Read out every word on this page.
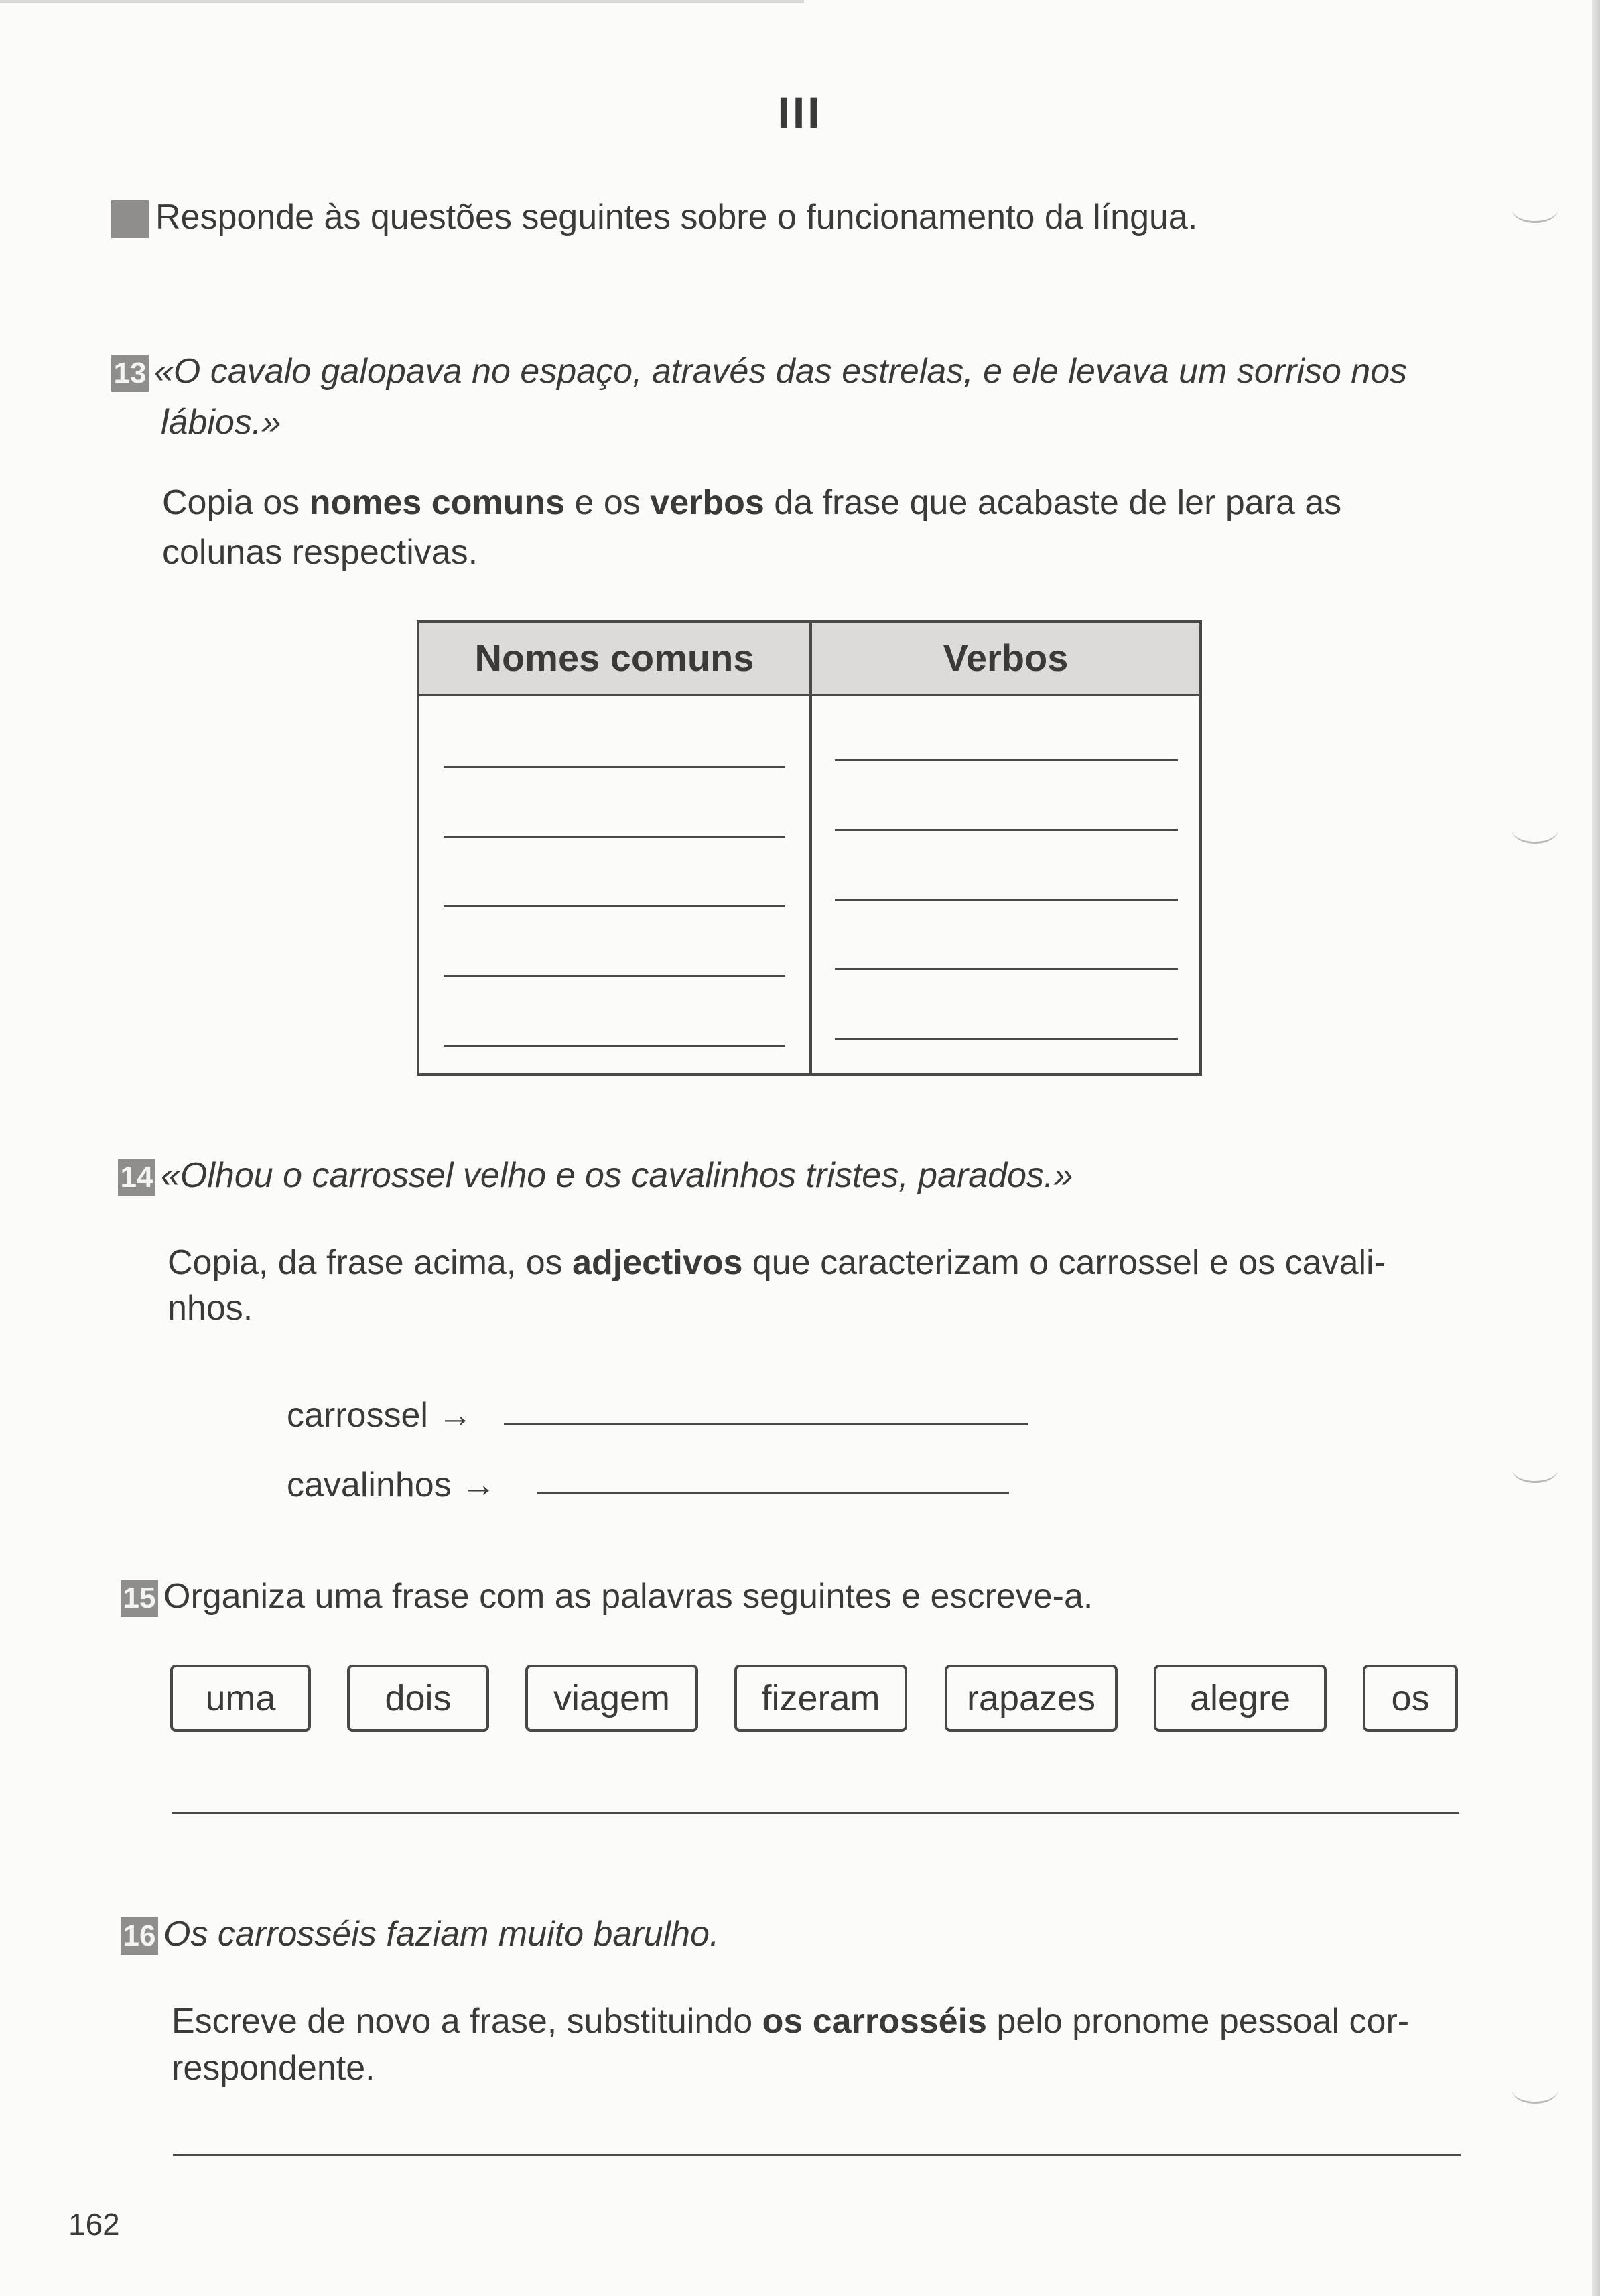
III
Responde às questões seguintes sobre o funcionamento da língua.
13 «O cavalo galopava no espaço, através das estrelas, e ele levava um sorriso nos
lábios.»
Copia os nomes comuns e os verbos da frase que acabaste de ler para as
colunas respectivas.
Nomes comuns	Verbos
14 «Olhou o carrossel velho e os cavalinhos tristes, parados.»
Copia, da frase acima, os adjectivos que caracterizam o carrossel e os cavali-
nhos.
carrossel →
cavalinhos →
15 Organiza uma frase com as palavras seguintes e escreve-a.
uma	dois	viagem	fizeram	rapazes	alegre	os
16 Os carrosséis faziam muito barulho.
Escreve de novo a frase, substituindo os carrosséis pelo pronome pessoal cor-
respondente.
162
